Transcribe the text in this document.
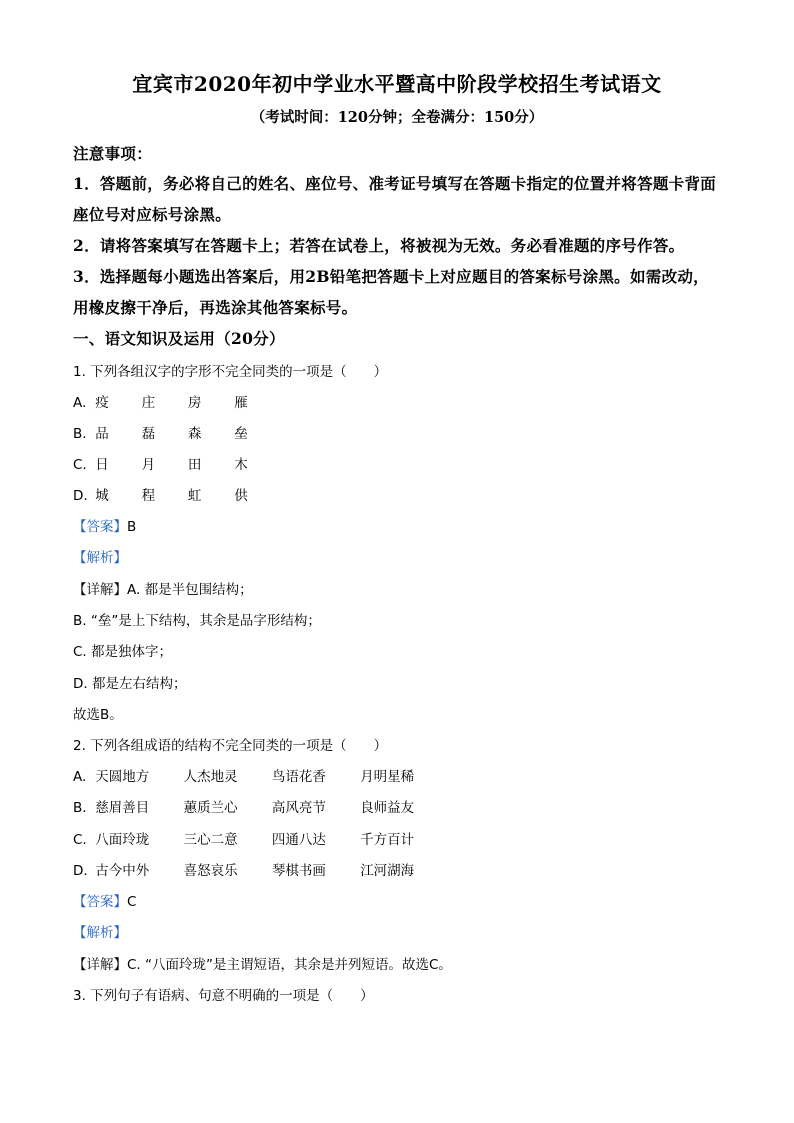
宜宾市2020年初中学业水平暨高中阶段学校招生考试语文
（考试时间：120分钟；全卷满分：150分）
注意事项：
1．答题前，务必将自己的姓名、座位号、准考证号填写在答题卡指定的位置并将答题卡背面
座位号对应标号涂黑。
2．请将答案填写在答题卡上；若答在试卷上，将被视为无效。务必看准题的序号作答。
3．选择题每小题选出答案后，用2B铅笔把答题卡上对应题目的答案标号涂黑。如需改动，
用橡皮擦干净后，再选涂其他答案标号。
一、语文知识及运用（20分）
1. 下列各组汉字的字形不完全同类的一项是（　　）
A. 疫 庄 房 雁
B. 品 磊 森 垒
C. 日 月 田 木
D. 城 程 虹 供
【答案】B
【解析】
【详解】A. 都是半包围结构；
B. “垒”是上下结构，其余是品字形结构；
C. 都是独体字；
D. 都是左右结构；
故选B。
2. 下列各组成语的结构不完全同类的一项是（　　）
A. 天圆地方	人杰地灵	鸟语花香	月明星稀
B. 慈眉善目	蕙质兰心	高风亮节	良师益友
C. 八面玲珑	三心二意	四通八达	千方百计
D. 古今中外	喜怒哀乐	琴棋书画	江河湖海
【答案】C
【解析】
【详解】C. “八面玲珑”是主谓短语，其余是并列短语。故选C。
3. 下列句子有语病、句意不明确的一项是（　　）
